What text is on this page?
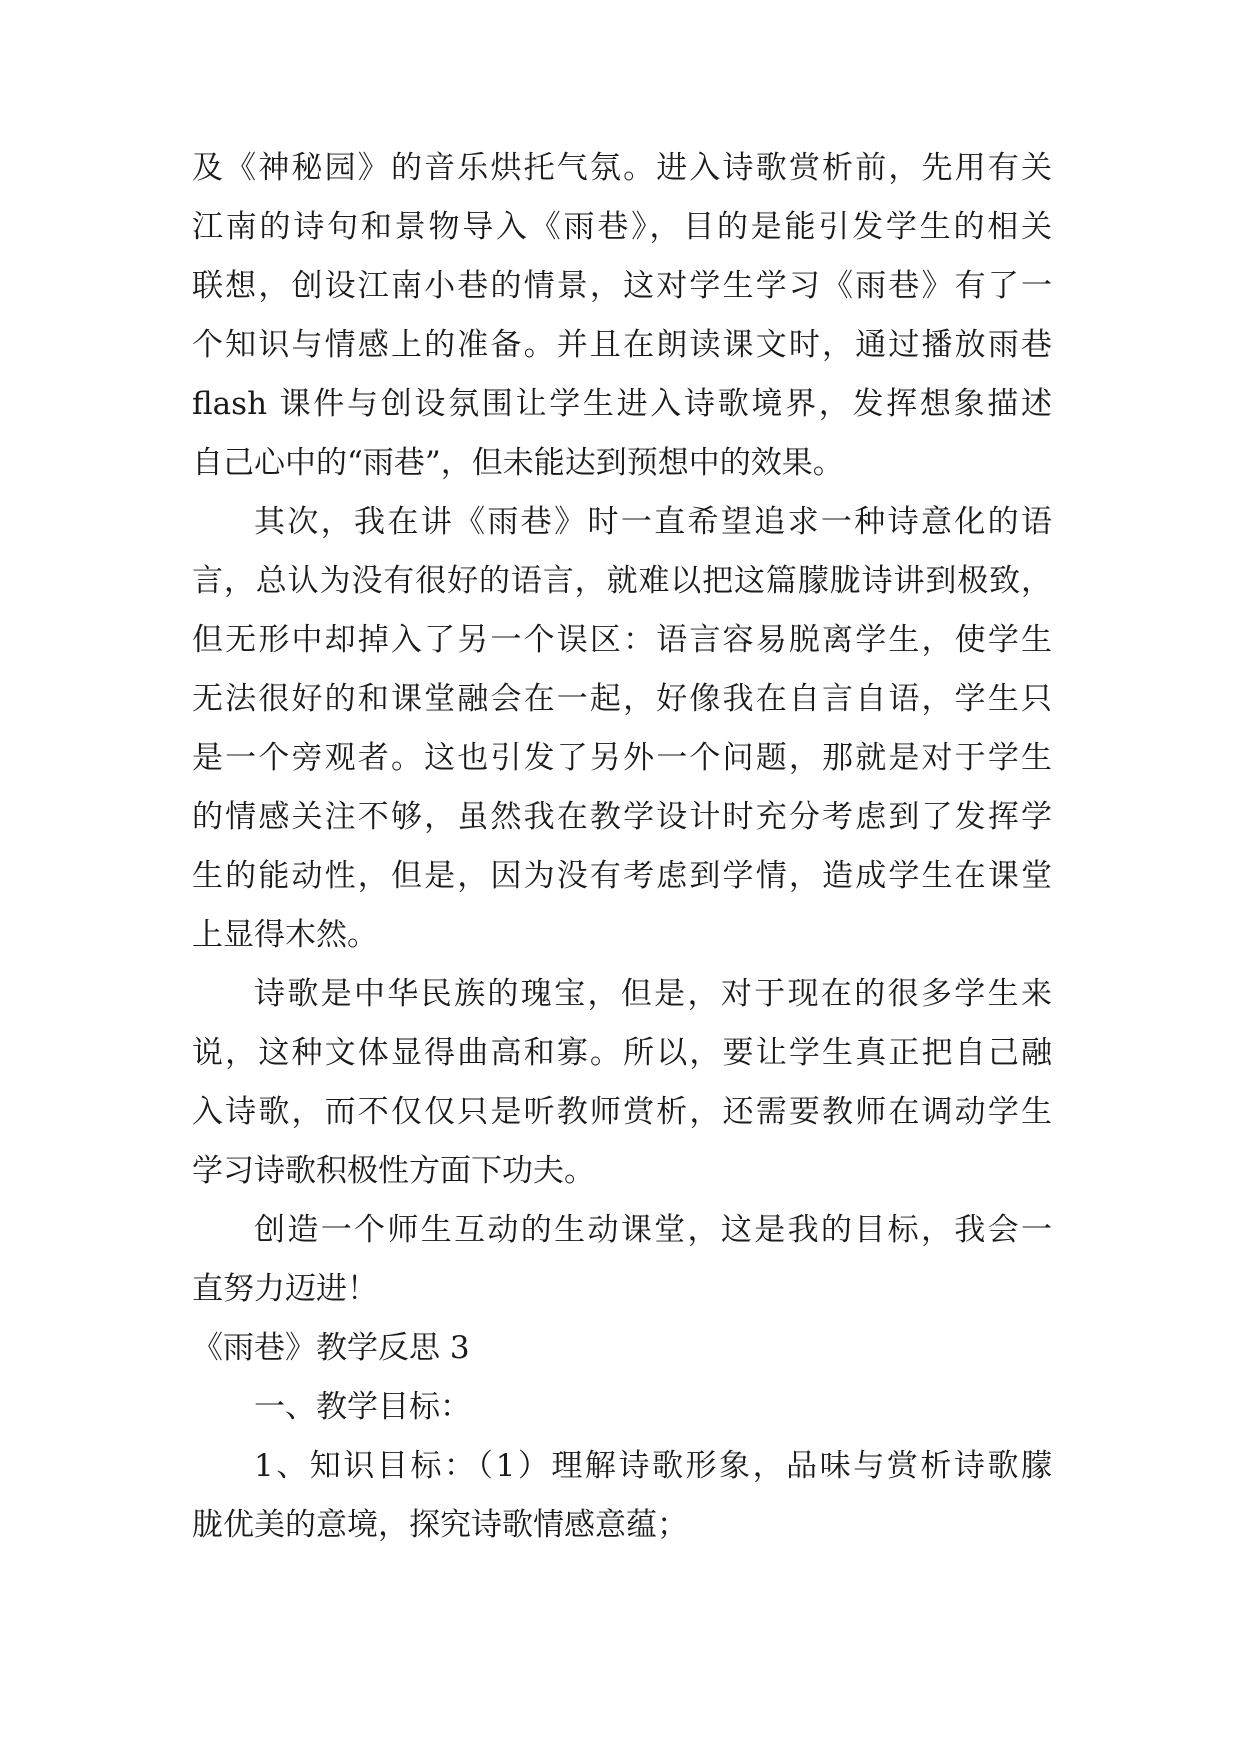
及《神秘园》的音乐烘托气氛。进入诗歌赏析前，先用有关
江南的诗句和景物导入《雨巷》，目的是能引发学生的相关
联想，创设江南小巷的情景，这对学生学习《雨巷》有了一
个知识与情感上的准备。并且在朗读课文时，通过播放雨巷
flash 课件与创设氛围让学生进入诗歌境界，发挥想象描述
自己心中的“雨巷”，但未能达到预想中的效果。
其次，我在讲《雨巷》时一直希望追求一种诗意化的语
言，总认为没有很好的语言，就难以把这篇朦胧诗讲到极致，
但无形中却掉入了另一个误区：语言容易脱离学生，使学生
无法很好的和课堂融会在一起，好像我在自言自语，学生只
是一个旁观者。这也引发了另外一个问题，那就是对于学生
的情感关注不够，虽然我在教学设计时充分考虑到了发挥学
生的能动性，但是，因为没有考虑到学情，造成学生在课堂
上显得木然。
诗歌是中华民族的瑰宝，但是，对于现在的很多学生来
说，这种文体显得曲高和寡。所以，要让学生真正把自己融
入诗歌，而不仅仅只是听教师赏析，还需要教师在调动学生
学习诗歌积极性方面下功夫。
创造一个师生互动的生动课堂，这是我的目标，我会一
直努力迈进！
《雨巷》教学反思 3
一、教学目标：
1、知识目标：（1）理解诗歌形象，品味与赏析诗歌朦
胧优美的意境，探究诗歌情感意蕴；
